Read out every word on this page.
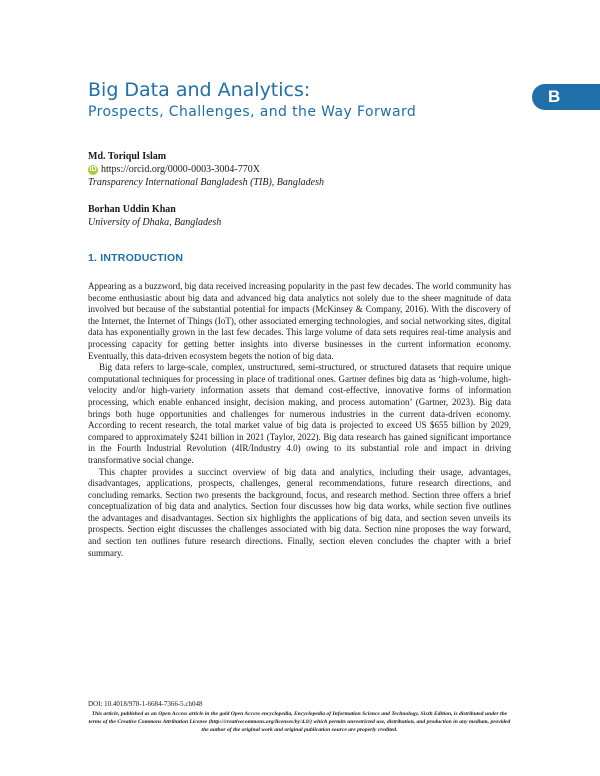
Big Data and Analytics:
Prospects, Challenges, and the Way Forward
B
Md. Toriqul Islam
iD https://orcid.org/0000-0003-3004-770X
Transparency International Bangladesh (TIB), Bangladesh
Borhan Uddin Khan
University of Dhaka, Bangladesh
1. INTRODUCTION

Appearing as a buzzword, big data received increasing popularity in the past few decades. The world community has become enthusiastic about big data and advanced big data analytics not solely due to the sheer magnitude of data involved but because of the substantial potential for impacts (McKinsey & Company, 2016). With the discovery of the Internet, the Internet of Things (IoT), other associated emerging technologies, and social networking sites, digital data has exponentially grown in the last few decades. This large volume of data sets requires real-time analysis and processing capacity for getting better insights into diverse businesses in the current information economy. Eventually, this data-driven ecosystem begets the notion of big data.

Big data refers to large-scale, complex, unstructured, semi-structured, or structured datasets that require unique computational techniques for processing in place of traditional ones. Gartner defines big data as ‘high-volume, high-velocity and/or high-variety information assets that demand cost-effective, innovative forms of information processing, which enable enhanced insight, decision making, and process automation’ (Gartner, 2023). Big data brings both huge opportunities and challenges for numerous industries in the current data-driven economy. According to recent research, the total market value of big data is projected to exceed US $655 billion by 2029, compared to approximately $241 billion in 2021 (Taylor, 2022). Big data research has gained significant importance in the Fourth Industrial Revolution (4IR/Industry 4.0) owing to its substantial role and impact in driving transformative social change.

This chapter provides a succinct overview of big data and analytics, including their usage, advantages, disadvantages, applications, prospects, challenges, general recommendations, future research directions, and concluding remarks. Section two presents the background, focus, and research method. Section three offers a brief conceptualization of big data and analytics. Section four discusses how big data works, while section five outlines the advantages and disadvantages. Section six highlights the applications of big data, and section seven unveils its prospects. Section eight discusses the challenges associated with big data. Section nine proposes the way forward, and section ten outlines future research directions. Finally, section eleven concludes the chapter with a brief summary.

DOI: 10.4018/978-1-6684-7366-5.ch048
This article, published as an Open Access article in the gold Open Access encyclopedia, Encyclopedia of Information Science and Technology, Sixth Edition, is distributed under the terms of the Creative Commons Attribution License (http://creativecommons.org/licenses/by/4.0/) which permits unrestricted use, distribution, and production in any medium, provided the author of the original work and original publication source are properly credited.
